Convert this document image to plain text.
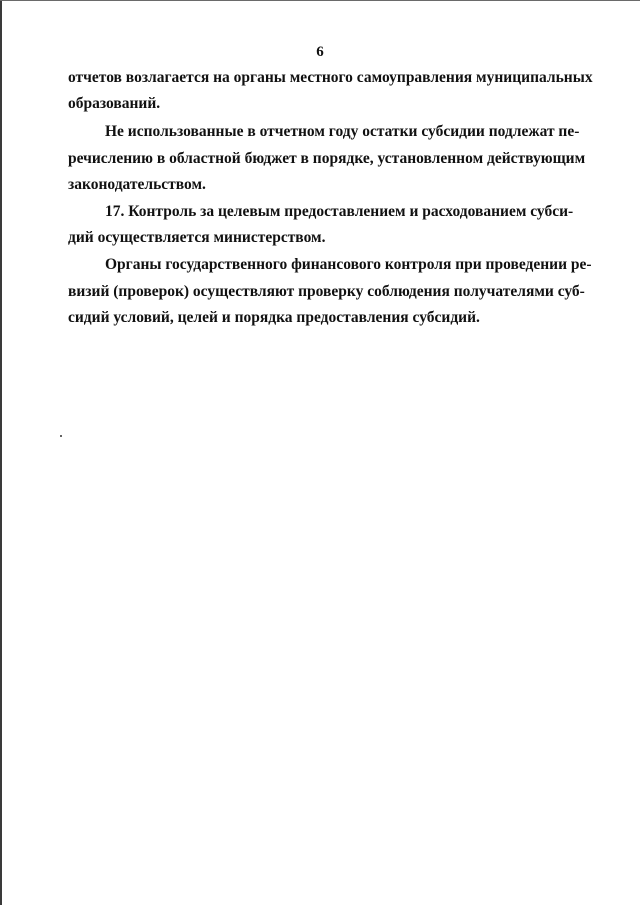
6
отчетов возлагается на органы местного самоуправления муниципальных
образований.
Не использованные в отчетном году остатки субсидии подлежат пе-
речислению в областной бюджет в порядке, установленном действующим
законодательством.
17. Контроль за целевым предоставлением и расходованием субси-
дий осуществляется министерством.
Органы государственного финансового контроля при проведении ре-
визий (проверок) осуществляют проверку соблюдения получателями суб-
сидий условий, целей и порядка предоставления субсидий.
